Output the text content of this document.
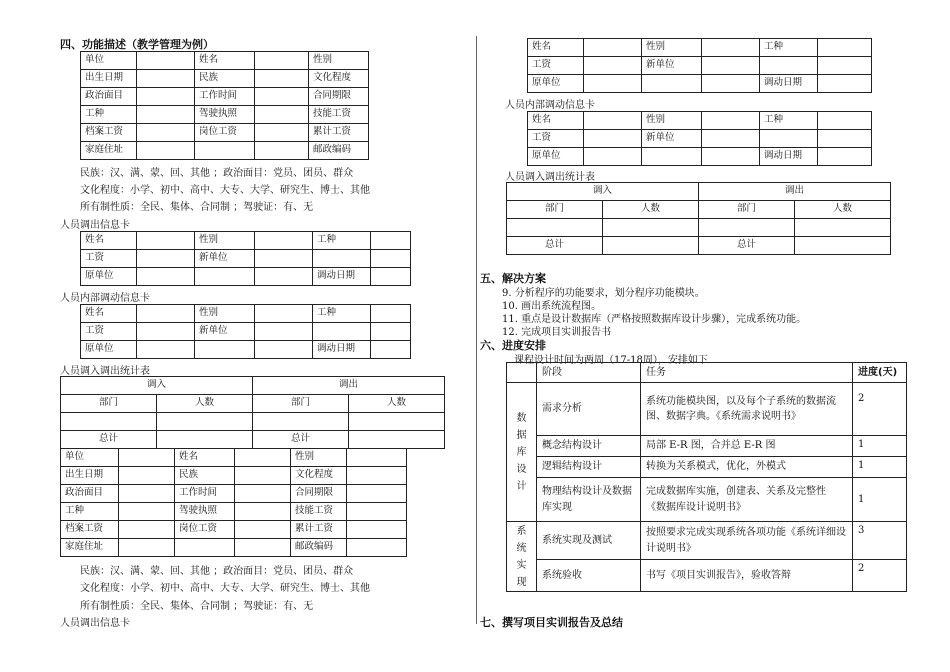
四、功能描述（教学管理为例）
单位		姓名		性别	
出生日期		民族		文化程度	
政治面目		工作时间		合同期限	
工种		驾驶执照		技能工资	
档案工资		岗位工资		累计工资	
家庭住址				邮政编码	
民族：汉、满、蒙、回、其他 ；政治面目：党员、团员、群众
文化程度：小学、初中、高中、大专、大学、研究生、博士、其他
所有制性质：全民、集体、合同制 ；驾驶证：有、无
人员调出信息卡
姓名		性别		工种	
工资		新单位			
原单位				调动日期	
人员内部调动信息卡
姓名		性别		工种	
工资		新单位			
原单位				调动日期	
人员调入调出统计表
调入		调出	
部门	人数	部门	人数

总计		总计	
单位		姓名		性别	
出生日期		民族		文化程度	
政治面目		工作时间		合同期限	
工种		驾驶执照		技能工资	
档案工资		岗位工资		累计工资	
家庭住址				邮政编码	
民族：汉、满、蒙、回、其他 ；政治面目：党员、团员、群众
文化程度：小学、初中、高中、大专、大学、研究生、博士、其他
所有制性质：全民、集体、合同制 ；驾驶证：有、无
人员调出信息卡
姓名		性别		工种	
工资		新单位			
原单位				调动日期	
人员内部调动信息卡
姓名		性别		工种	
工资		新单位			
原单位				调动日期	
人员调入调出统计表
调入		调出	
部门	人数	部门	人数

总计		总计	
五、解决方案
9. 分析程序的功能要求，划分程序功能模块。
10. 画出系统流程图。
11. 重点是设计数据库（严格按照数据库设计步骤），完成系统功能。
12. 完成项目实训报告书
六、进度安排
课程设计时间为两周（17-18周），安排如下
	阶段	任务	进度(天)
数据库设计	需求分析	系统功能模块图，以及每个子系统的数据流图、数据字典。《系统需求说明书》	2
	概念结构设计	局部 E-R 图，合并总 E-R 图	1
	逻辑结构设计	转换为关系模式，优化，外模式	1
	物理结构设计及数据库实现	完成数据库实施，创建表、关系及完整性 《数据库设计说明书》	1
系统实现	系统实现及测试	按照要求完成实现系统各项功能《系统详细设计说明书》	3
	系统验收	书写《项目实训报告》，验收答辩	2
七、撰写项目实训报告及总结
